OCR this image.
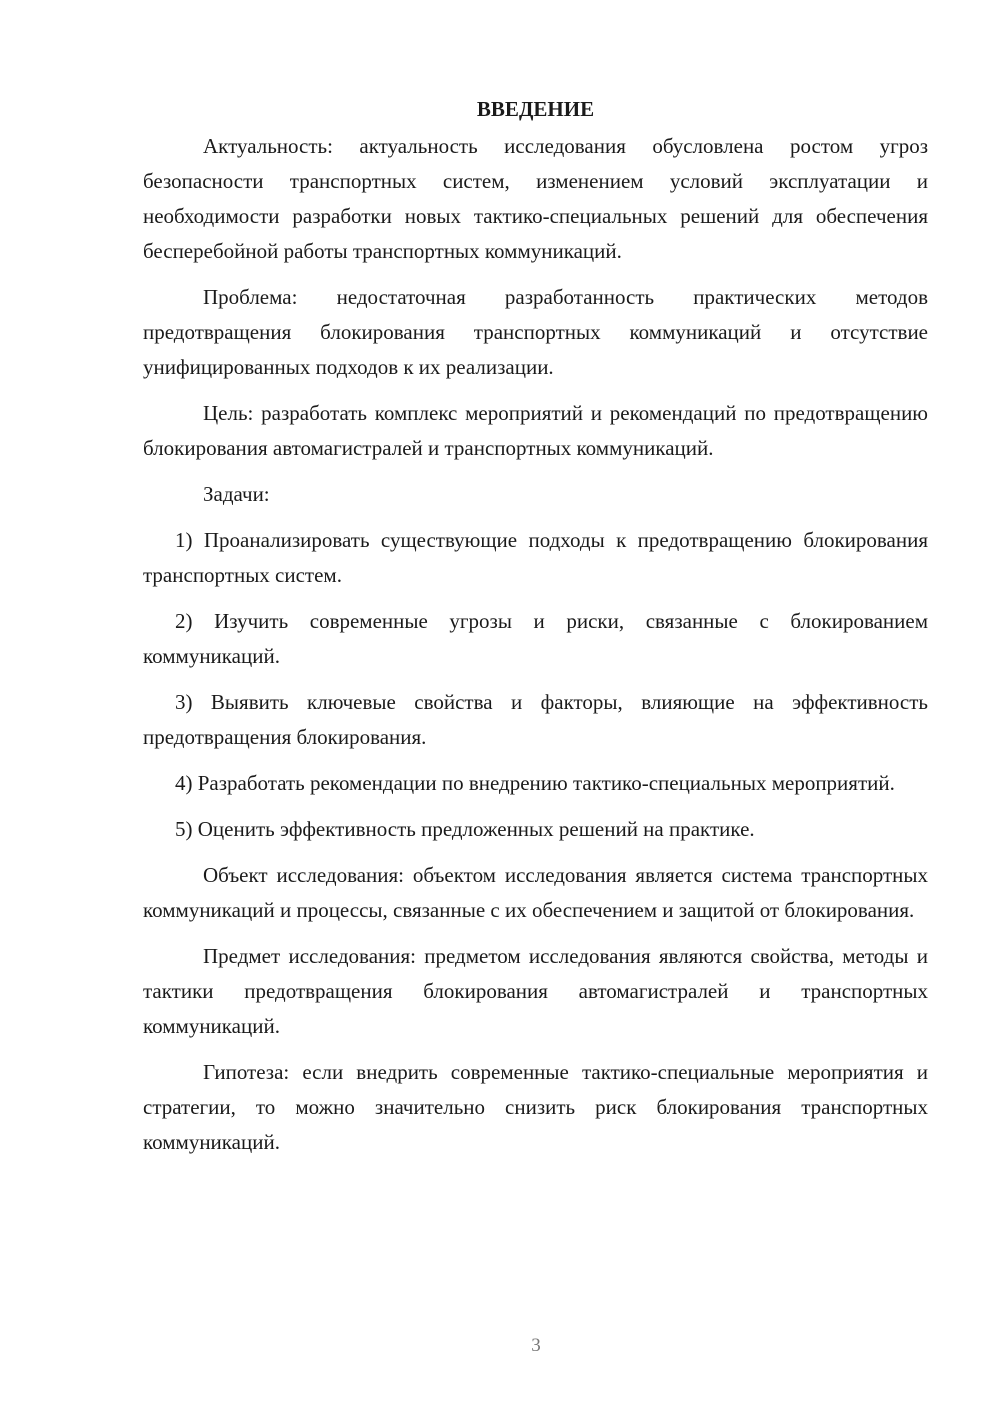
ВВЕДЕНИЕ

Актуальность: актуальность исследования обусловлена ростом угроз безопасности транспортных систем, изменением условий эксплуатации и необходимости разработки новых тактико-специальных решений для обеспечения бесперебойной работы транспортных коммуникаций.

Проблема: недостаточная разработанность практических методов предотвращения блокирования транспортных коммуникаций и отсутствие унифицированных подходов к их реализации.

Цель: разработать комплекс мероприятий и рекомендаций по предотвращению блокирования автомагистралей и транспортных коммуникаций.

Задачи:

1) Проанализировать существующие подходы к предотвращению блокирования транспортных систем.

2) Изучить современные угрозы и риски, связанные с блокированием коммуникаций.

3) Выявить ключевые свойства и факторы, влияющие на эффективность предотвращения блокирования.

4) Разработать рекомендации по внедрению тактико-специальных мероприятий.

5) Оценить эффективность предложенных решений на практике.

Объект исследования: объектом исследования является система транспортных коммуникаций и процессы, связанные с их обеспечением и защитой от блокирования.

Предмет исследования: предметом исследования являются свойства, методы и тактики предотвращения блокирования автомагистралей и транспортных коммуникаций.

Гипотеза: если внедрить современные тактико-специальные мероприятия и стратегии, то можно значительно снизить риск блокирования транспортных коммуникаций.

3
